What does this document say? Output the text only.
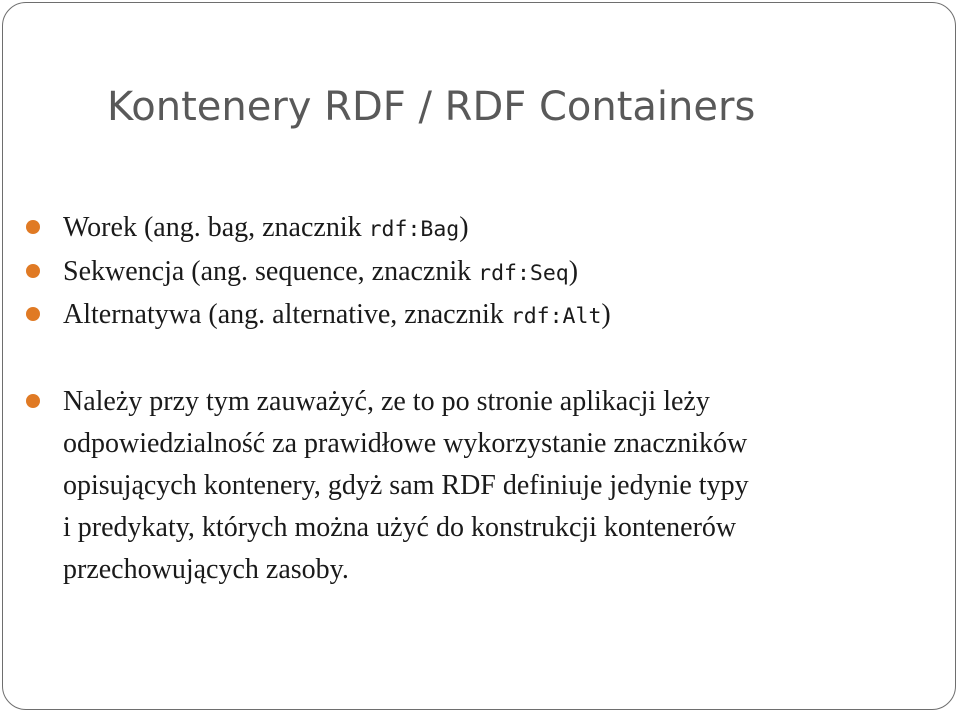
Kontenery RDF / RDF Containers
Worek (ang. bag, znacznik rdf:Bag)
Sekwencja (ang. sequence, znacznik rdf:Seq)
Alternatywa (ang. alternative, znacznik rdf:Alt)
Należy przy tym zauważyć, ze to po stronie aplikacji leży
odpowiedzialność za prawidłowe wykorzystanie znaczników
opisujących kontenery, gdyż sam RDF definiuje jedynie typy
i predykaty, których można użyć do konstrukcji kontenerów
przechowujących zasoby.
